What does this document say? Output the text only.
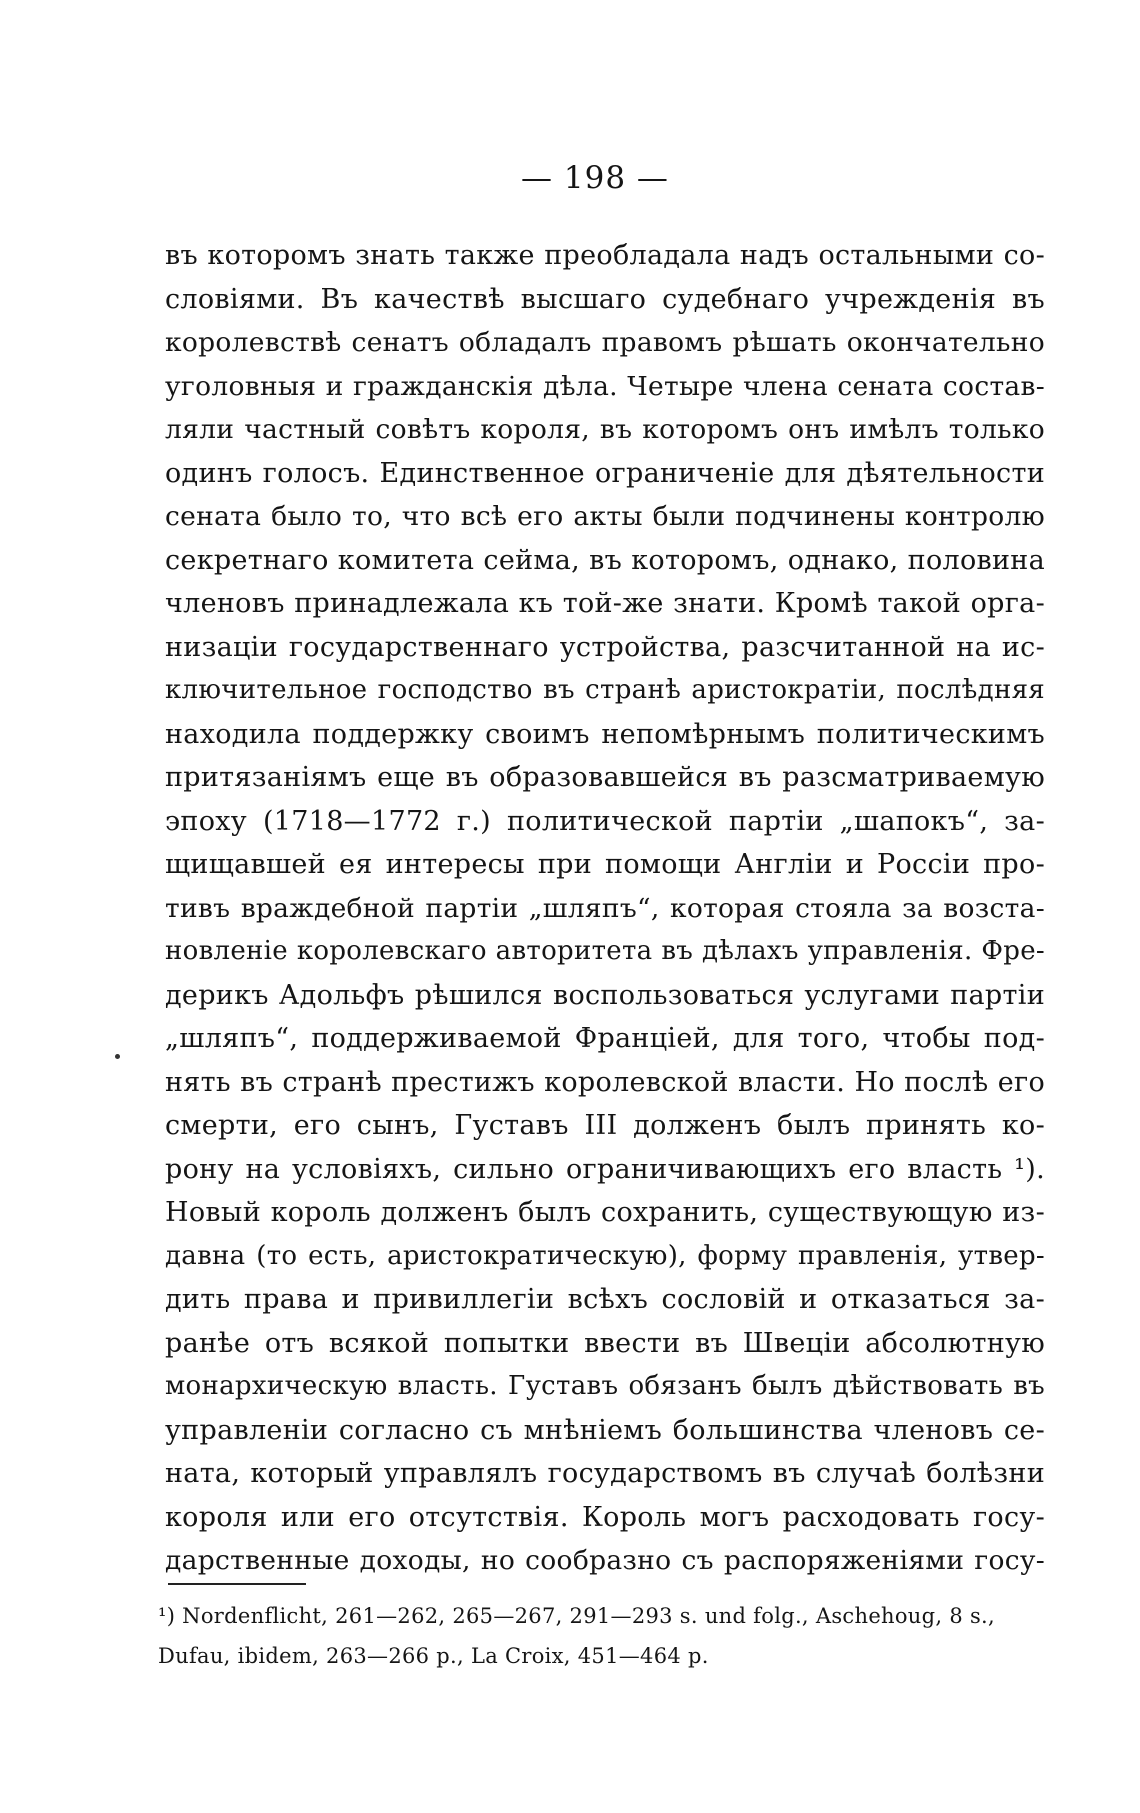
— 198 —
въ которомъ знать также преобладала надъ остальными со-
словіями. Въ качествѣ высшаго судебнаго учрежденія въ
королевствѣ сенатъ обладалъ правомъ рѣшать окончательно
уголовныя и гражданскія дѣла. Четыре члена сената состав-
ляли частный совѣтъ короля, въ которомъ онъ имѣлъ только
одинъ голосъ. Единственное ограниченіе для дѣятельности
сената было то, что всѣ его акты были подчинены контролю
секретнаго комитета сейма, въ которомъ, однако, половина
членовъ принадлежала къ той-же знати. Кромѣ такой орга-
низаціи государственнаго устройства, разсчитанной на ис-
ключительное господство въ странѣ аристократіи, послѣдняя
находила поддержку своимъ непомѣрнымъ политическимъ
притязаніямъ еще въ образовавшейся въ разсматриваемую
эпоху (1718—1772 г.) политической партіи „шапокъ“, за-
щищавшей ея интересы при помощи Англіи и Россіи про-
тивъ враждебной партіи „шляпъ“, которая стояла за возста-
новленіе королевскаго авторитета въ дѣлахъ управленія. Фре-
дерикъ Адольфъ рѣшился воспользоваться услугами партіи
„шляпъ“, поддерживаемой Франціей, для того, чтобы под-
нять въ странѣ престижъ королевской власти. Но послѣ его
смерти, его сынъ, Густавъ III долженъ былъ принять ко-
рону на условіяхъ, сильно ограничивающихъ его власть ¹).
Новый король долженъ былъ сохранить, существующую из-
давна (то есть, аристократическую), форму правленія, утвер-
дить права и привиллегіи всѣхъ сословій и отказаться за-
ранѣе отъ всякой попытки ввести въ Швеціи абсолютную
монархическую власть. Густавъ обязанъ былъ дѣйствовать въ
управленіи согласно съ мнѣніемъ большинства членовъ се-
ната, который управлялъ государствомъ въ случаѣ болѣзни
короля или его отсутствія. Король могъ расходовать госу-
дарственные доходы, но сообразно съ распоряженіями госу-
¹) Nordenflicht, 261—262, 265—267, 291—293 s. und folg., Aschehoug, 8 s.,
Dufau, ibidem, 263—266 p., La Croix, 451—464 p.
